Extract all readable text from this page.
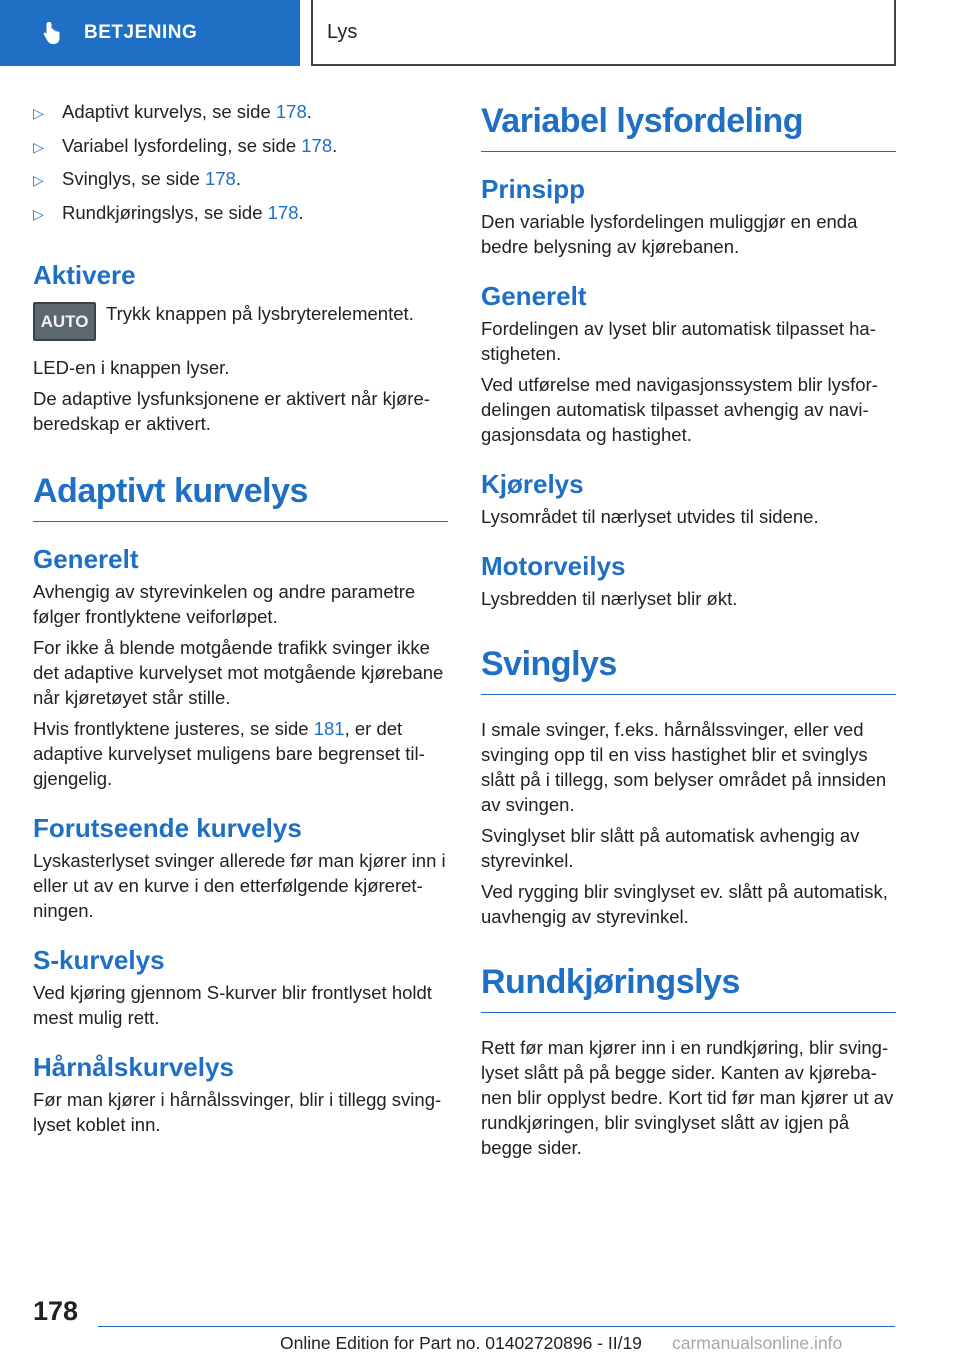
BETJENING	Lys
▷ Adaptivt kurvelys, se side 178.
▷ Variabel lysfordeling, se side 178.
▷ Svinglys, se side 178.
▷ Rundkjøringslys, se side 178.
Aktivere
AUTO Trykk knappen på lysbryterelementet.

LED-en i knappen lyser.

De adaptive lysfunksjonene er aktivert når kjøreberedskap er aktivert.

Adaptivt kurvelys
Generelt

Avhengig av styrevinkelen og andre parametre følger frontlyktene veiforløpet.

For ikke å blende motgående trafikk svinger ikke det adaptive kurvelyset mot motgående kjørebane når kjøretøyet står stille.

Hvis frontlyktene justeres, se side 181, er det adaptive kurvelyset muligens bare begrenset tilgjengelig.

Forutseende kurvelys

Lyskasterlyset svinger allerede før man kjører inn i eller ut av en kurve i den etterfølgende kjøreretningen.

S-kurvelys

Ved kjøring gjennom S-kurver blir frontlyset holdt mest mulig rett.

Hårnålskurvelys

Før man kjører i hårnålssvinger, blir i tillegg svinglyset koblet inn.

Variabel lysfordeling
Prinsipp

Den variable lysfordelingen muliggjør en enda bedre belysning av kjørebanen.

Generelt

Fordelingen av lyset blir automatisk tilpasset hastigheten.

Ved utførelse med navigasjonssystem blir lysfordelingen automatisk tilpasset avhengig av navigasjonsdata og hastighet.

Kjørelys

Lysområdet til nærlyset utvides til sidene.

Motorveilys

Lysbredden til nærlyset blir økt.

Svinglys

I smale svinger, f.eks. hårnålssvinger, eller ved svinging opp til en viss hastighet blir et svinglys slått på i tillegg, som belyser området på innsiden av svingen.

Svinglyset blir slått på automatisk avhengig av styrevinkel.

Ved rygging blir svinglyset ev. slått på automatisk, uavhengig av styrevinkel.

Rundkjøringslys

Rett før man kjører inn i en rundkjøring, blir svinglyset slått på på begge sider. Kanten av kjørebanen blir opplyst bedre. Kort tid før man kjører ut av rundkjøringen, blir svinglyset slått av igjen på begge sider.

178
Online Edition for Part no. 01402720896 - II/19 carmanualsonline.info
